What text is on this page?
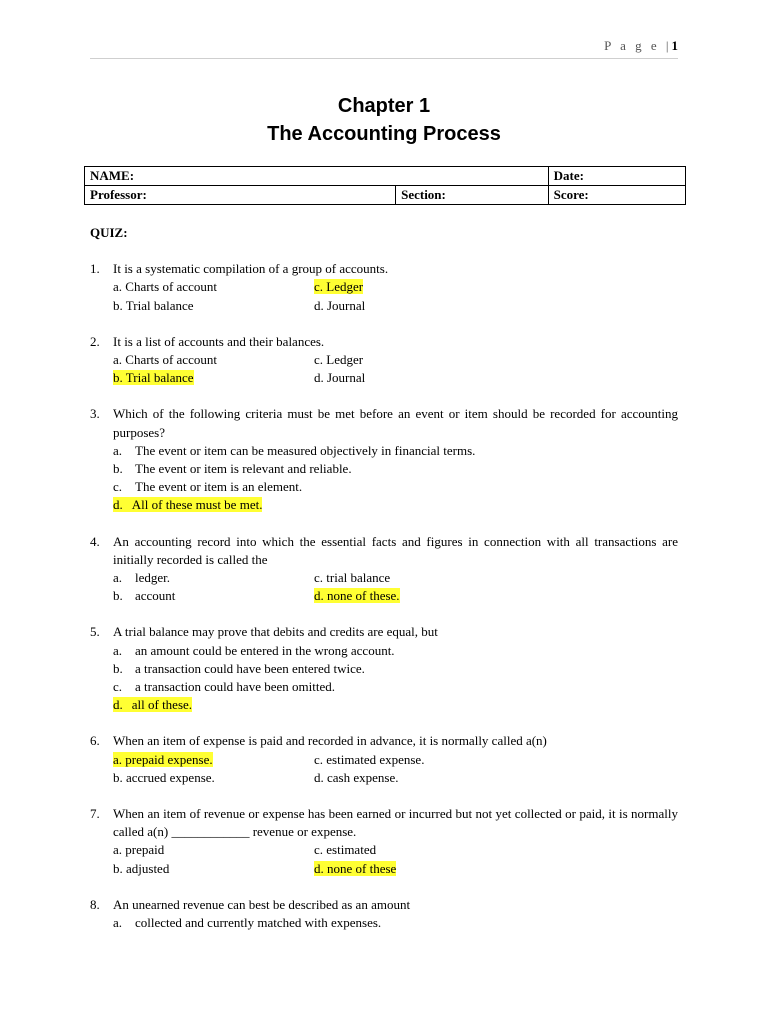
P a g e |1
Chapter 1
The Accounting Process
NAME:		Date:
Professor:	Section:	Score:
QUIZ:
1. It is a systematic compilation of a group of accounts.
a. Charts of account	c. Ledger
b. Trial balance	d. Journal
2. It is a list of accounts and their balances.
a. Charts of account	c. Ledger
b. Trial balance	d. Journal
3. Which of the following criteria must be met before an event or item should be recorded for accounting purposes?
a. The event or item can be measured objectively in financial terms.
b. The event or item is relevant and reliable.
c. The event or item is an element.
d. All of these must be met.
4. An accounting record into which the essential facts and figures in connection with all transactions are initially recorded is called the
a. ledger.	c. trial balance
b. account	d. none of these.
5. A trial balance may prove that debits and credits are equal, but
a. an amount could be entered in the wrong account.
b. a transaction could have been entered twice.
c. a transaction could have been omitted.
d. all of these.
6. When an item of expense is paid and recorded in advance, it is normally called a(n)
a. prepaid expense.	c. estimated expense.
b. accrued expense.	d. cash expense.
7. When an item of revenue or expense has been earned or incurred but not yet collected or paid, it is normally called a(n) ____________ revenue or expense.
a. prepaid	c. estimated
b. adjusted	d. none of these
8. An unearned revenue can best be described as an amount
a. collected and currently matched with expenses.
